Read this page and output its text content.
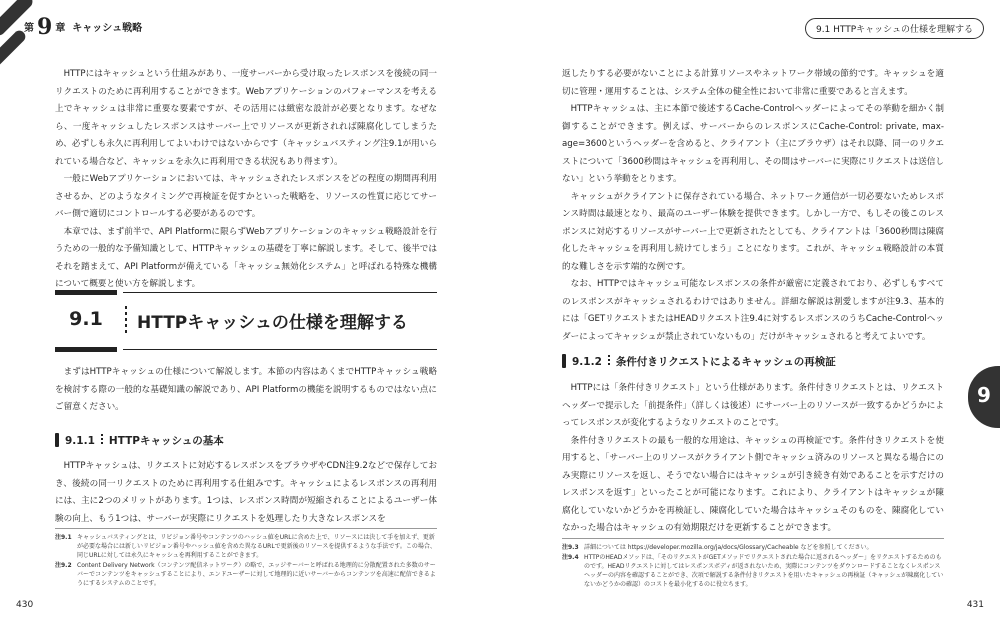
第 9 章 キャッシュ戦略

HTTPにはキャッシュという仕組みがあり、一度サーバーから受け取ったレスポンスを後続の同一リクエストのために再利用することができます。Webアプリケーションのパフォーマンスを考える上でキャッシュは非常に重要な要素ですが、その活用には緻密な設計が必要となります。なぜなら、一度キャッシュしたレスポンスはサーバー上でリソースが更新されれば陳腐化してしまうため、必ずしも永久に再利用してよいわけではないからです（キャッシュバスティング注9.1が用いられている場合など、キャッシュを永久に再利用できる状況もあり得ます）。

一般にWebアプリケーションにおいては、キャッシュされたレスポンスをどの程度の期間再利用させるか、どのようなタイミングで再検証を促すかといった戦略を、リソースの性質に応じてサーバー側で適切にコントロールする必要があるのです。

本章では、まず前半で、API Platformに限らずWebアプリケーションのキャッシュ戦略設計を行うための一般的な予備知識として、HTTPキャッシュの基礎を丁寧に解説します。そして、後半ではそれを踏まえて、API Platformが備えている「キャッシュ無効化システム」と呼ばれる特殊な機構について概要と使い方を解説します。

9.1	HTTPキャッシュの仕様を理解する

まずはHTTPキャッシュの仕様について解説します。本節の内容はあくまでHTTPキャッシュ戦略を検討する際の一般的な基礎知識の解説であり、API Platformの機能を説明するものではない点にご留意ください。

9.1.1 HTTPキャッシュの基本

HTTPキャッシュは、リクエストに対応するレスポンスをブラウザやCDN注9.2などで保存しておき、後続の同一リクエストのために再利用する仕組みです。キャッシュによるレスポンスの再利用には、主に2つのメリットがあります。1つは、レスポンス時間が短縮されることによるユーザー体験の向上、もう1つは、サーバーが実際にリクエストを処理したり大きなレスポンスを

注9.1 キャッシュバスティングとは、リビジョン番号やコンテンツのハッシュ値をURLに含めた上で、リソースには決して手を加えず、更新が必要な場合には新しいリビジョン番号やハッシュ値を含めた異なるURLで更新後のリソースを提供するような手法です。この場合、同じURLに対しては永久にキャッシュを再利用することができます。
注9.2 Content Delivery Network（コンテンツ配信ネットワーク）の略で、エッジサーバーと呼ばれる地理的に分散配置された多数のサーバーでコンテンツをキャッシュすることにより、エンドユーザーに対して地理的に近いサーバーからコンテンツを高速に配信できるようにするシステムのことです。
430
9.1 HTTPキャッシュの仕様を理解する

返したりする必要がないことによる計算リソースやネットワーク帯域の節約です。キャッシュを適切に管理・運用することは、システム全体の健全性において非常に重要であると言えます。

HTTPキャッシュは、主に本節で後述するCache-Controlヘッダーによってその挙動を細かく制御することができます。例えば、サーバーからのレスポンスにCache-Control: private, max-age=3600というヘッダーを含めると、クライアント（主にブラウザ）はそれ以降、同一のリクエストについて「3600秒間はキャッシュを再利用し、その間はサーバーに実際にリクエストは送信しない」という挙動をとります。

キャッシュがクライアントに保存されている場合、ネットワーク通信が一切必要ないためレスポンス時間は最速となり、最高のユーザー体験を提供できます。しかし一方で、もしその後このレスポンスに対応するリソースがサーバー上で更新されたとしても、クライアントは「3600秒間は陳腐化したキャッシュを再利用し続けてしまう」ことになります。これが、キャッシュ戦略設計の本質的な難しさを示す端的な例です。

なお、HTTPではキャッシュ可能なレスポンスの条件が厳密に定義されており、必ずしもすべてのレスポンスがキャッシュされるわけではありません。詳細な解説は割愛しますが注9.3、基本的には「GETリクエストまたはHEADリクエスト注9.4に対するレスポンスのうちCache-Controlヘッダーによってキャッシュが禁止されていないもの」だけがキャッシュされると考えてよいです。

9.1.2 条件付きリクエストによるキャッシュの再検証

HTTPには「条件付きリクエスト」という仕様があります。条件付きリクエストとは、リクエストヘッダーで提示した「前提条件」（詳しくは後述）にサーバー上のリソースが一致するかどうかによってレスポンスが変化するようなリクエストのことです。

条件付きリクエストの最も一般的な用途は、キャッシュの再検証です。条件付きリクエストを使用すると、「サーバー上のリソースがクライアント側でキャッシュ済みのリソースと異なる場合にのみ実際にリソースを返し、そうでない場合にはキャッシュが引き続き有効であることを示すだけのレスポンスを返す」といったことが可能になります。これにより、クライアントはキャッシュが陳腐化していないかどうかを再検証し、陳腐化していた場合はキャッシュそのものを、陳腐化していなかった場合はキャッシュの有効期限だけを更新することができます。

注9.3 詳細については https://developer.mozilla.org/ja/docs/Glossary/Cacheable などを参照してください。
注9.4 HTTPのHEADメソッドは、「そのリクエストがGETメソッドでリクエストされた場合に返されるヘッダー」をリクエストするためのものです。HEADリクエストに対してはレスポンスボディが返されないため、実際にコンテンツをダウンロードすることなくレスポンスヘッダーの内容を確認することができ、次項で解説する条件付きリクエストを用いたキャッシュの再検証（キャッシュが陳腐化していないかどうかの確認）のコストを最小化するのに役立ちます。
9
431
